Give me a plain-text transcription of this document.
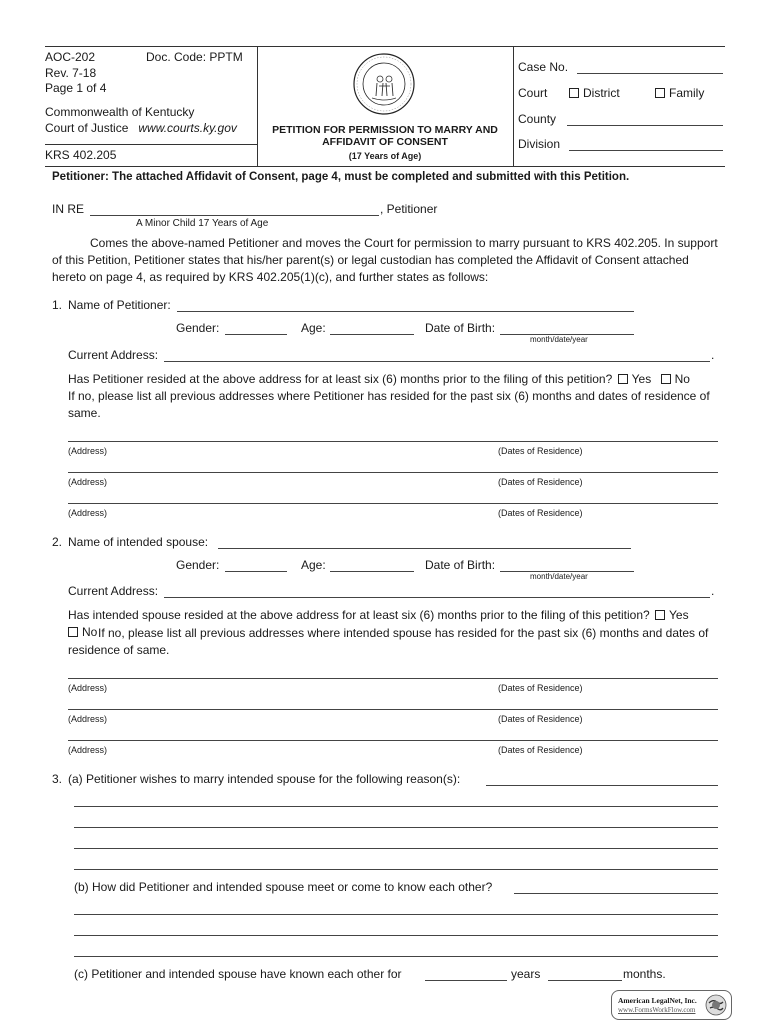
AOC-202	Doc. Code: PPTM
Rev. 7-18
Page 1 of 4
Commonwealth of Kentucky
Court of Justice www.courts.ky.gov
KRS 402.205
PETITION FOR PERMISSION TO MARRY AND
AFFIDAVIT OF CONSENT
(17 Years of Age)
Case No.
Court	District	Family
County
Division
Petitioner: The attached Affidavit of Consent, page 4, must be completed and submitted with this Petition.
IN RE	, Petitioner
A Minor Child 17 Years of Age
Comes the above-named Petitioner and moves the Court for permission to marry pursuant to KRS 402.205. In support of this Petition, Petitioner states that his/her parent(s) or legal custodian has completed the Affidavit of Consent attached hereto on page 4, as required by KRS 402.205(1)(c), and further states as follows:
1. Name of Petitioner:
Gender:	Age:	Date of Birth:
month/date/year
Current Address:	.
Has Petitioner resided at the above address for at least six (6) months prior to the filing of this petition? Yes No
If no, please list all previous addresses where Petitioner has resided for the past six (6) months and dates of residence of same.
(Address)	(Dates of Residence)
(Address)	(Dates of Residence)
(Address)	(Dates of Residence)
2. Name of intended spouse:
Gender:	Age:	Date of Birth:
month/date/year
Current Address:	.
Has intended spouse resided at the above address for at least six (6) months prior to the filing of this petition? Yes
No If no, please list all previous addresses where intended spouse has resided for the past six (6) months and dates of residence of same.
(Address)	(Dates of Residence)
(Address)	(Dates of Residence)
(Address)	(Dates of Residence)
3. (a) Petitioner wishes to marry intended spouse for the following reason(s):
(b) How did Petitioner and intended spouse meet or come to know each other?
(c) Petitioner and intended spouse have known each other for	years	months.
American LegalNet, Inc.
www.FormsWorkFlow.com
